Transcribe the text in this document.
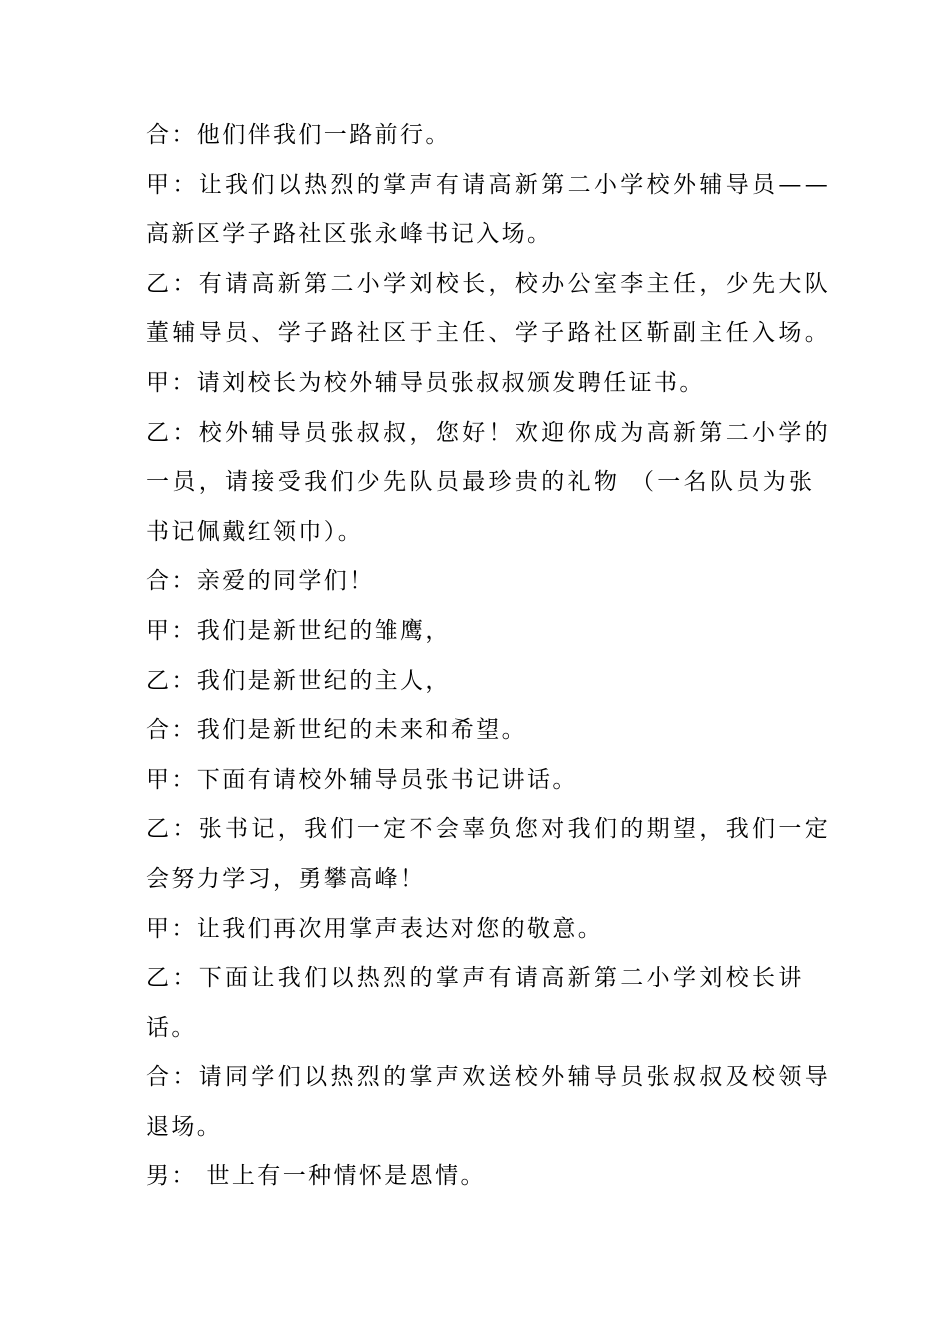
合：他们伴我们一路前行。
甲：让我们以热烈的掌声有请高新第二小学校外辅导员——
高新区学子路社区张永峰书记入场。
乙：有请高新第二小学刘校长，校办公室李主任，少先大队
董辅导员、学子路社区于主任、学子路社区靳副主任入场。
甲：请刘校长为校外辅导员张叔叔颁发聘任证书。
乙：校外辅导员张叔叔，您好！欢迎你成为高新第二小学的
一员，请接受我们少先队员最珍贵的礼物 （一名队员为张
书记佩戴红领巾）。
合：亲爱的同学们！
甲：我们是新世纪的雏鹰，
乙：我们是新世纪的主人，
合：我们是新世纪的未来和希望。
甲：下面有请校外辅导员张书记讲话。
乙：张书记，我们一定不会辜负您对我们的期望，我们一定
会努力学习，勇攀高峰！
甲：让我们再次用掌声表达对您的敬意。
乙：下面让我们以热烈的掌声有请高新第二小学刘校长讲
话。
合：请同学们以热烈的掌声欢送校外辅导员张叔叔及校领导
退场。
男： 世上有一种情怀是恩情。
